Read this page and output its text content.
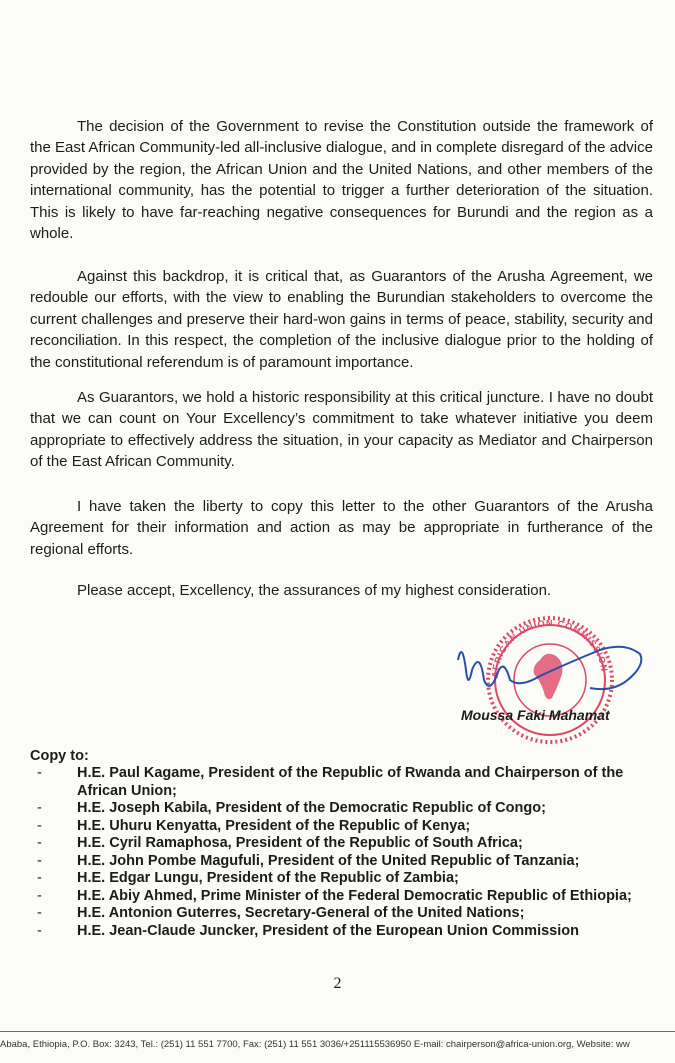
The decision of the Government to revise the Constitution outside the framework of the East African Community-led all-inclusive dialogue, and in complete disregard of the advice provided by the region, the African Union and the United Nations, and other members of the international community, has the potential to trigger a further deterioration of the situation. This is likely to have far-reaching negative consequences for Burundi and the region as a whole.

Against this backdrop, it is critical that, as Guarantors of the Arusha Agreement, we redouble our efforts, with the view to enabling the Burundian stakeholders to overcome the current challenges and preserve their hard-won gains in terms of peace, stability, security and reconciliation. In this respect, the completion of the inclusive dialogue prior to the holding of the constitutional referendum is of paramount importance.

As Guarantors, we hold a historic responsibility at this critical juncture. I have no doubt that we can count on Your Excellency’s commitment to take whatever initiative you deem appropriate to effectively address the situation, in your capacity as Mediator and Chairperson of the East African Community.

I have taken the liberty to copy this letter to the other Guarantors of the Arusha Agreement for their information and action as may be appropriate in furtherance of the regional efforts.

Please accept, Excellency, the assurances of my highest consideration.

AFRICAN UNION COMMISSION
Moussa Faki Mahamat
Copy to:
- H.E. Paul Kagame, President of the Republic of Rwanda and Chairperson of the African Union;
- H.E. Joseph Kabila, President of the Democratic Republic of Congo;
- H.E. Uhuru Kenyatta, President of the Republic of Kenya;
- H.E. Cyril Ramaphosa, President of the Republic of South Africa;
- H.E. John Pombe Magufuli, President of the United Republic of Tanzania;
- H.E. Edgar Lungu, President of the Republic of Zambia;
- H.E. Abiy Ahmed, Prime Minister of the Federal Democratic Republic of Ethiopia;
- H.E. Antonion Guterres, Secretary-General of the United Nations;
- H.E. Jean-Claude Juncker, President of the European Union Commission
2
Ababa, Ethiopia, P.O. Box: 3243, Tel.: (251) 11 551 7700, Fax: (251) 11 551 3036/+251115536950 E-mail: chairperson@africa-union.org, Website: ww
